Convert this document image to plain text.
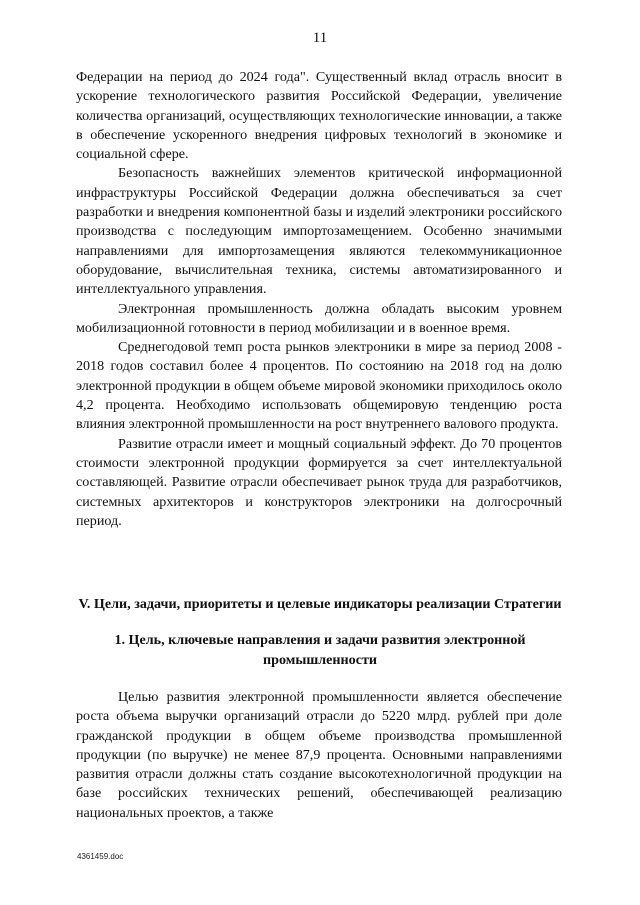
11

Федерации на период до 2024 года". Существенный вклад отрасль вносит в ускорение технологического развития Российской Федерации, увеличение количества организаций, осуществляющих технологические инновации, а также в обеспечение ускоренного внедрения цифровых технологий в экономике и социальной сфере.

Безопасность важнейших элементов критической информационной инфраструктуры Российской Федерации должна обеспечиваться за счет разработки и внедрения компонентной базы и изделий электроники российского производства с последующим импортозамещением. Особенно значимыми направлениями для импортозамещения являются телекоммуникационное оборудование, вычислительная техника, системы автоматизированного и интеллектуального управления.

Электронная промышленность должна обладать высоким уровнем мобилизационной готовности в период мобилизации и в военное время.

Среднегодовой темп роста рынков электроники в мире за период 2008 - 2018 годов составил более 4 процентов. По состоянию на 2018 год на долю электронной продукции в общем объеме мировой экономики приходилось около 4,2 процента. Необходимо использовать общемировую тенденцию роста влияния электронной промышленности на рост внутреннего валового продукта.

Развитие отрасли имеет и мощный социальный эффект. До 70 процентов стоимости электронной продукции формируется за счет интеллектуальной составляющей. Развитие отрасли обеспечивает рынок труда для разработчиков, системных архитекторов и конструкторов электроники на долгосрочный период.

V. Цели, задачи, приоритеты и целевые индикаторы реализации Стратегии
1. Цель, ключевые направления и задачи развития электронной промышленности

Целью развития электронной промышленности является обеспечение роста объема выручки организаций отрасли до 5220 млрд. рублей при доле гражданской продукции в общем объеме производства промышленной продукции (по выручке) не менее 87,9 процента. Основными направлениями развития отрасли должны стать создание высокотехнологичной продукции на базе российских технических решений, обеспечивающей реализацию национальных проектов, а также

4361459.doc
